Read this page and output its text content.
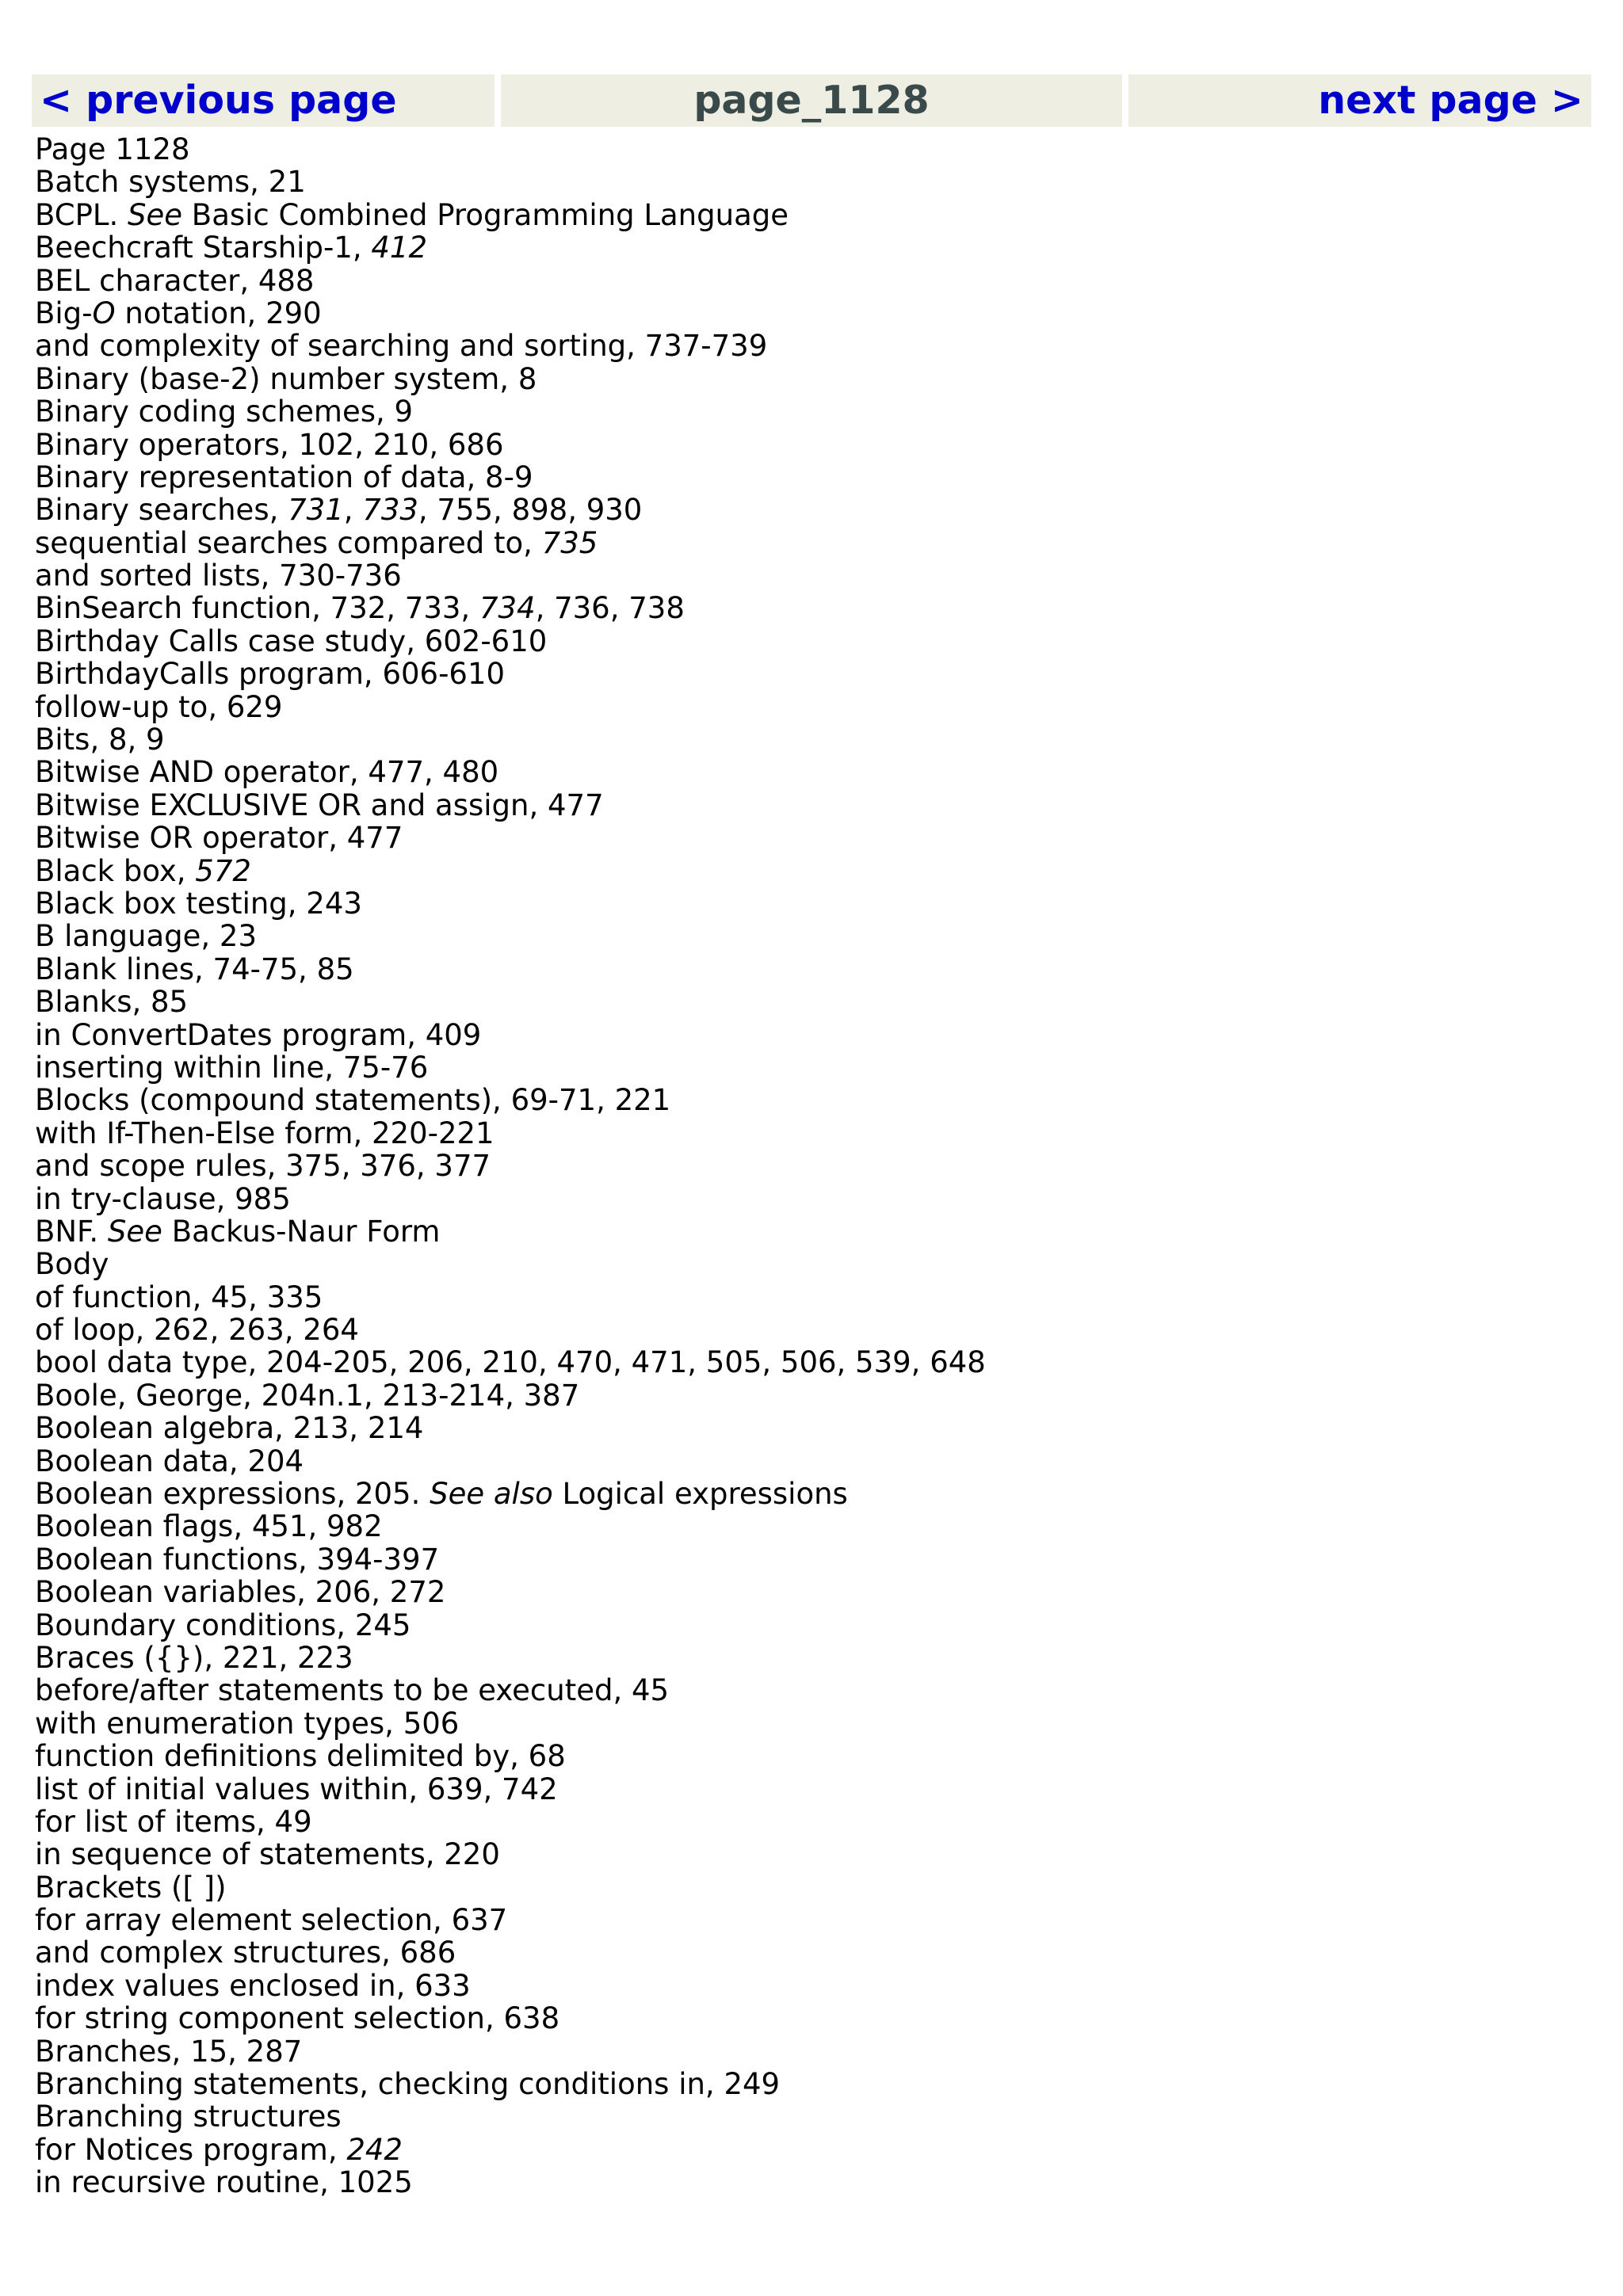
< previous page	page_1128	next page >
Page 1128
Batch systems, 21
BCPL. See Basic Combined Programming Language
Beechcraft Starship-1, 412
BEL character, 488
Big-O notation, 290
and complexity of searching and sorting, 737-739
Binary (base-2) number system, 8
Binary coding schemes, 9
Binary operators, 102, 210, 686
Binary representation of data, 8-9
Binary searches, 731, 733, 755, 898, 930
sequential searches compared to, 735
and sorted lists, 730-736
BinSearch function, 732, 733, 734, 736, 738
Birthday Calls case study, 602-610
BirthdayCalls program, 606-610
follow-up to, 629
Bits, 8, 9
Bitwise AND operator, 477, 480
Bitwise EXCLUSIVE OR and assign, 477
Bitwise OR operator, 477
Black box, 572
Black box testing, 243
B language, 23
Blank lines, 74-75, 85
Blanks, 85
in ConvertDates program, 409
inserting within line, 75-76
Blocks (compound statements), 69-71, 221
with If-Then-Else form, 220-221
and scope rules, 375, 376, 377
in try-clause, 985
BNF. See Backus-Naur Form
Body
of function, 45, 335
of loop, 262, 263, 264
bool data type, 204-205, 206, 210, 470, 471, 505, 506, 539, 648
Boole, George, 204n.1, 213-214, 387
Boolean algebra, 213, 214
Boolean data, 204
Boolean expressions, 205. See also Logical expressions
Boolean flags, 451, 982
Boolean functions, 394-397
Boolean variables, 206, 272
Boundary conditions, 245
Braces ({}), 221, 223
before/after statements to be executed, 45
with enumeration types, 506
function definitions delimited by, 68
list of initial values within, 639, 742
for list of items, 49
in sequence of statements, 220
Brackets ([ ])
for array element selection, 637
and complex structures, 686
index values enclosed in, 633
for string component selection, 638
Branches, 15, 287
Branching statements, checking conditions in, 249
Branching structures
for Notices program, 242
in recursive routine, 1025
